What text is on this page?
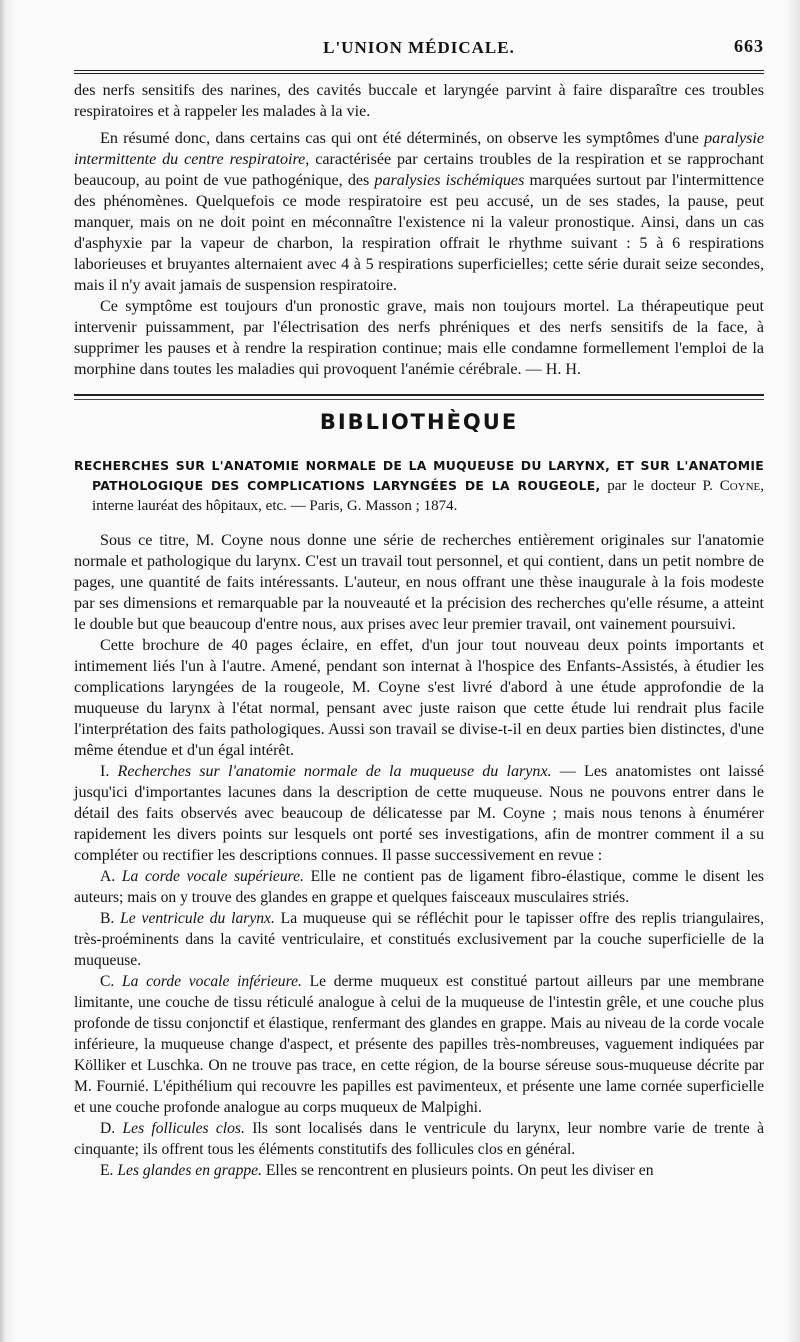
L'UNION MÉDICALE.	663

des nerfs sensitifs des narines, des cavités buccale et laryngée parvint à faire disparaître ces troubles respiratoires et à rappeler les malades à la vie.

En résumé donc, dans certains cas qui ont été déterminés, on observe les symptômes d'une paralysie intermittente du centre respiratoire, caractérisée par certains troubles de la respiration et se rapprochant beaucoup, au point de vue pathogénique, des paralysies ischémiques marquées surtout par l'intermittence des phénomènes. Quelquefois ce mode respiratoire est peu accusé, un de ses stades, la pause, peut manquer, mais on ne doit point en méconnaître l'existence ni la valeur pronostique. Ainsi, dans un cas d'asphyxie par la vapeur de charbon, la respiration offrait le rhythme suivant : 5 à 6 respirations laborieuses et bruyantes alternaient avec 4 à 5 respirations superficielles; cette série durait seize secondes, mais il n'y avait jamais de suspension respiratoire.

Ce symptôme est toujours d'un pronostic grave, mais non toujours mortel. La thérapeutique peut intervenir puissamment, par l'électrisation des nerfs phréniques et des nerfs sensitifs de la face, à supprimer les pauses et à rendre la respiration continue; mais elle condamne formellement l'emploi de la morphine dans toutes les maladies qui provoquent l'anémie cérébrale. — H. H.

BIBLIOTHÈQUE
RECHERCHES SUR L'ANATOMIE NORMALE DE LA MUQUEUSE DU LARYNX, ET SUR L'ANATOMIE PATHOLOGIQUE DES COMPLICATIONS LARYNGÉES DE LA ROUGEOLE, par le docteur P. Coyne, interne lauréat des hôpitaux, etc. — Paris, G. Masson ; 1874.

Sous ce titre, M. Coyne nous donne une série de recherches entièrement originales sur l'anatomie normale et pathologique du larynx. C'est un travail tout personnel, et qui contient, dans un petit nombre de pages, une quantité de faits intéressants. L'auteur, en nous offrant une thèse inaugurale à la fois modeste par ses dimensions et remarquable par la nouveauté et la précision des recherches qu'elle résume, a atteint le double but que beaucoup d'entre nous, aux prises avec leur premier travail, ont vainement poursuivi.

Cette brochure de 40 pages éclaire, en effet, d'un jour tout nouveau deux points importants et intimement liés l'un à l'autre. Amené, pendant son internat à l'hospice des Enfants-Assistés, à étudier les complications laryngées de la rougeole, M. Coyne s'est livré d'abord à une étude approfondie de la muqueuse du larynx à l'état normal, pensant avec juste raison que cette étude lui rendrait plus facile l'interprétation des faits pathologiques. Aussi son travail se divise-t-il en deux parties bien distinctes, d'une même étendue et d'un égal intérêt.

I. Recherches sur l'anatomie normale de la muqueuse du larynx. — Les anatomistes ont laissé jusqu'ici d'importantes lacunes dans la description de cette muqueuse. Nous ne pouvons entrer dans le détail des faits observés avec beaucoup de délicatesse par M. Coyne ; mais nous tenons à énumérer rapidement les divers points sur lesquels ont porté ses investigations, afin de montrer comment il a su compléter ou rectifier les descriptions connues. Il passe successivement en revue :

A. La corde vocale supérieure. Elle ne contient pas de ligament fibro-élastique, comme le disent les auteurs; mais on y trouve des glandes en grappe et quelques faisceaux musculaires striés.

B. Le ventricule du larynx. La muqueuse qui se réfléchit pour le tapisser offre des replis triangulaires, très-proéminents dans la cavité ventriculaire, et constitués exclusivement par la couche superficielle de la muqueuse.

C. La corde vocale inférieure. Le derme muqueux est constitué partout ailleurs par une membrane limitante, une couche de tissu réticulé analogue à celui de la muqueuse de l'intestin grêle, et une couche plus profonde de tissu conjonctif et élastique, renfermant des glandes en grappe. Mais au niveau de la corde vocale inférieure, la muqueuse change d'aspect, et présente des papilles très-nombreuses, vaguement indiquées par Kölliker et Luschka. On ne trouve pas trace, en cette région, de la bourse séreuse sous-muqueuse décrite par M. Fournié. L'épithélium qui recouvre les papilles est pavimenteux, et présente une lame cornée superficielle et une couche profonde analogue au corps muqueux de Malpighi.

D. Les follicules clos. Ils sont localisés dans le ventricule du larynx, leur nombre varie de trente à cinquante; ils offrent tous les éléments constitutifs des follicules clos en général.

E. Les glandes en grappe. Elles se rencontrent en plusieurs points. On peut les diviser en
